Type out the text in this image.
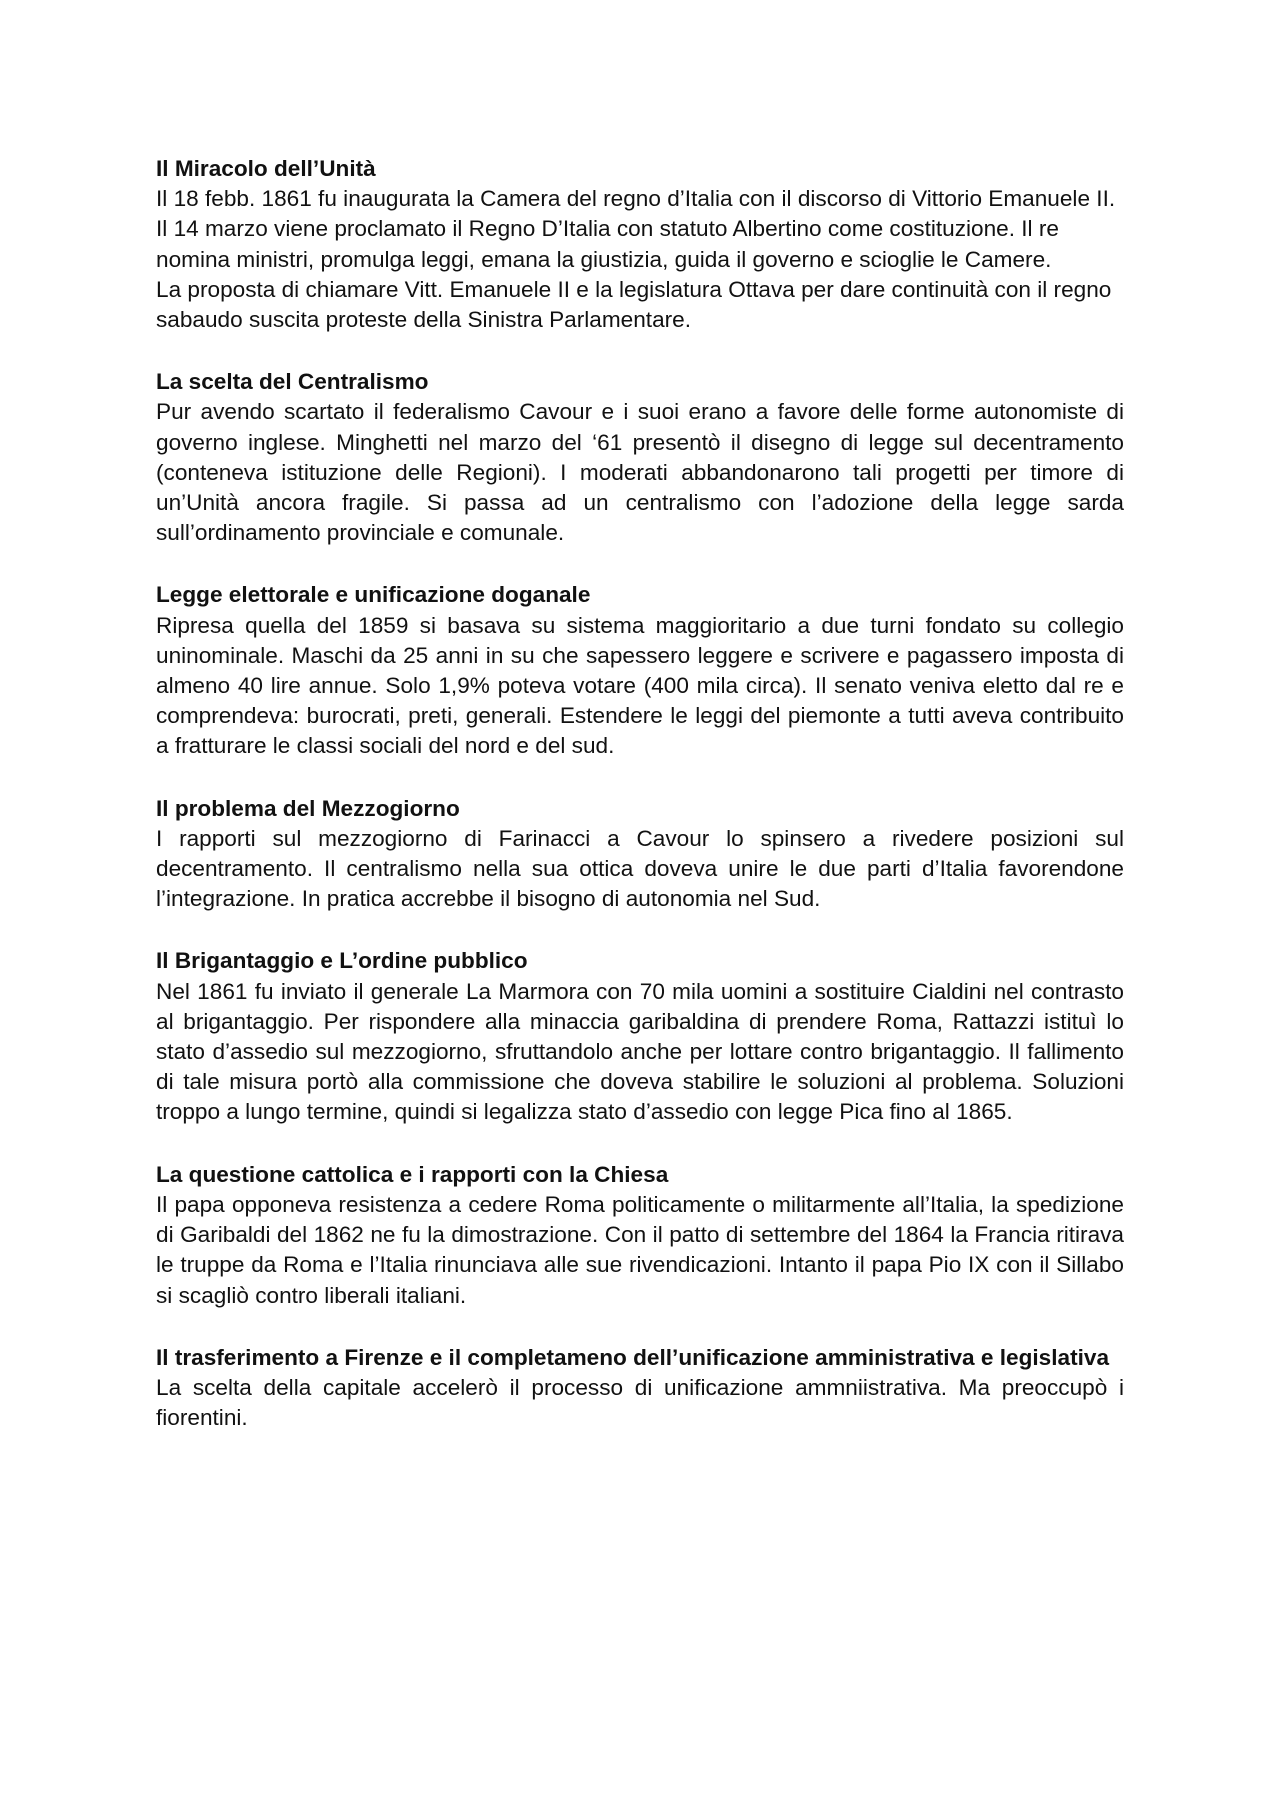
Il Miracolo dell’Unità

Il 18 febb. 1861 fu inaugurata la Camera del regno d’Italia con il discorso di Vittorio Emanuele II. Il 14 marzo viene proclamato il Regno D’Italia con statuto Albertino come costituzione. Il re nomina ministri, promulga leggi, emana la giustizia, guida il governo e scioglie le Camere.

La proposta di chiamare Vitt. Emanuele II e la legislatura Ottava per dare continuità con il regno sabaudo suscita proteste della Sinistra Parlamentare.

La scelta del Centralismo

Pur avendo scartato il federalismo Cavour e i suoi erano a favore delle forme autonomiste di governo inglese. Minghetti nel marzo del ‘61 presentò il disegno di legge sul decentramento (conteneva istituzione delle Regioni). I moderati abbandonarono tali progetti per timore di un’Unità ancora fragile. Si passa ad un centralismo con l’adozione della legge sarda sull’ordinamento provinciale e comunale.

Legge elettorale e unificazione doganale

Ripresa quella del 1859 si basava su sistema maggioritario a due turni fondato su collegio uninominale. Maschi da 25 anni in su che sapessero leggere e scrivere e pagassero imposta di almeno 40 lire annue. Solo 1,9% poteva votare (400 mila circa). Il senato veniva eletto dal re e comprendeva: burocrati, preti, generali. Estendere le leggi del piemonte a tutti aveva contribuito a fratturare le classi sociali del nord e del sud.

Il problema del Mezzogiorno

I rapporti sul mezzogiorno di Farinacci a Cavour lo spinsero a rivedere posizioni sul decentramento. Il centralismo nella sua ottica doveva unire le due parti d’Italia favorendone l’integrazione. In pratica accrebbe il bisogno di autonomia nel Sud.

Il Brigantaggio e L’ordine pubblico

Nel 1861 fu inviato il generale La Marmora con 70 mila uomini a sostituire Cialdini nel contrasto al brigantaggio. Per rispondere alla minaccia garibaldina di prendere Roma, Rattazzi istituì lo stato d’assedio sul mezzogiorno, sfruttandolo anche per lottare contro brigantaggio. Il fallimento di tale misura portò alla commissione che doveva stabilire le soluzioni al problema. Soluzioni troppo a lungo termine, quindi si legalizza stato d’assedio con legge Pica fino al 1865.

La questione cattolica e i rapporti con la Chiesa

Il papa opponeva resistenza a cedere Roma politicamente o militarmente all’Italia, la spedizione di Garibaldi del 1862 ne fu la dimostrazione. Con il patto di settembre del 1864 la Francia ritirava le truppe da Roma e l’Italia rinunciava alle sue rivendicazioni. Intanto il papa Pio IX con il Sillabo si scagliò contro liberali italiani.

Il trasferimento a Firenze e il completameno dell’unificazione amministrativa e legislativa

La scelta della capitale accelerò il processo di unificazione ammniistrativa. Ma preoccupò i fiorentini.
